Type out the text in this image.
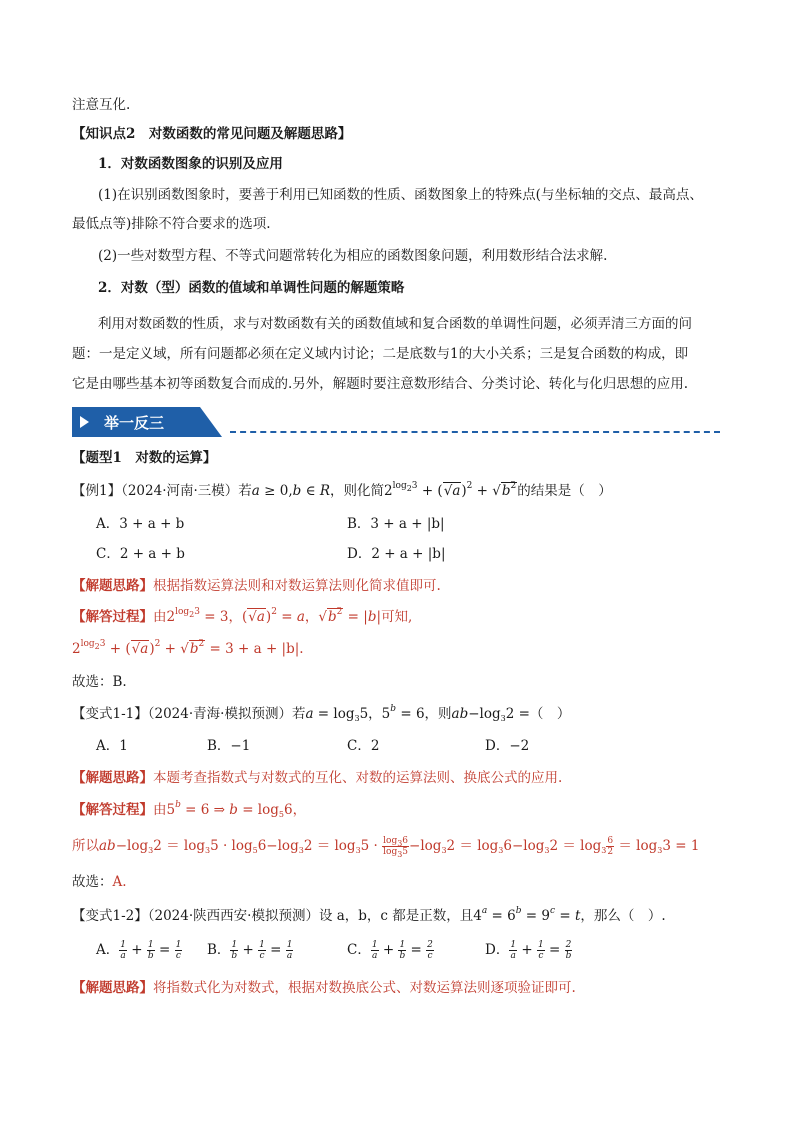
注意互化.
【知识点2　对数函数的常见问题及解题思路】
1．对数函数图象的识别及应用
(1)在识别函数图象时，要善于利用已知函数的性质、函数图象上的特殊点(与坐标轴的交点、最高点、
最低点等)排除不符合要求的选项.
(2)一些对数型方程、不等式问题常转化为相应的函数图象问题，利用数形结合法求解.
2．对数（型）函数的值域和单调性问题的解题策略
利用对数函数的性质，求与对数函数有关的函数值域和复合函数的单调性问题，必须弄清三方面的问
题：一是定义域，所有问题都必须在定义域内讨论；二是底数与1的大小关系；三是复合函数的构成，即
它是由哪些基本初等函数复合而成的.另外，解题时要注意数形结合、分类讨论、转化与化归思想的应用.
举一反三
【题型1　对数的运算】
【例1】（2024·河南·三模）若a ≥ 0,b ∈ R，则化简$2^{log_23} + (√a)^2 + √b^2$的结果是（　）
A．3 + a + b	B．3 + a + |b|
C．2 + a + b	D．2 + a + |b|
【解题思路】根据指数运算法则和对数运算法则化简求值即可.
【解答过程】由$2^{log_23} = 3$，$(√a)^2 = a$，$√b^2 = |b|$可知,
$2^{log_23} + (√a)^2 + √b^2 = 3 + a + |b|$.
故选：B.
【变式1-1】（2024·青海·模拟预测）若$a = \log_35$，$5^b = 6$，则$ab-\log_32$ =（　）
A．1	B．−1	C．2	D．−2
【解题思路】本题考查指数式与对数式的互化、对数的运算法则、换底公式的应用.
【解答过程】由$5^b = 6$ ⇒ $b = \log_56$，
所以$ab-\log_32 = \log_35 \cdot \log_56-\log_32 = \log_35 \cdot \frac{\log_36}{\log_35} -\log_32 = \log_36-\log_32 = \log_3 \frac{6}{2} = \log_33 = 1$
故选：A.
【变式1-2】（2024·陕西西安·模拟预测）设 a，b，c 都是正数，且$4^a = 6^b = 9^c = t$，那么（　）.
A． $\frac{1}{a} + \frac{1}{b} = \frac{1}{c}$ B． $\frac{1}{b} + \frac{1}{c} = \frac{1}{a}$	C． $\frac{1}{a} + \frac{1}{b} = \frac{2}{c}$	D． $\frac{1}{a} + \frac{1}{c} = \frac{2}{b}$
【解题思路】将指数式化为对数式，根据对数换底公式、对数运算法则逐项验证即可.
